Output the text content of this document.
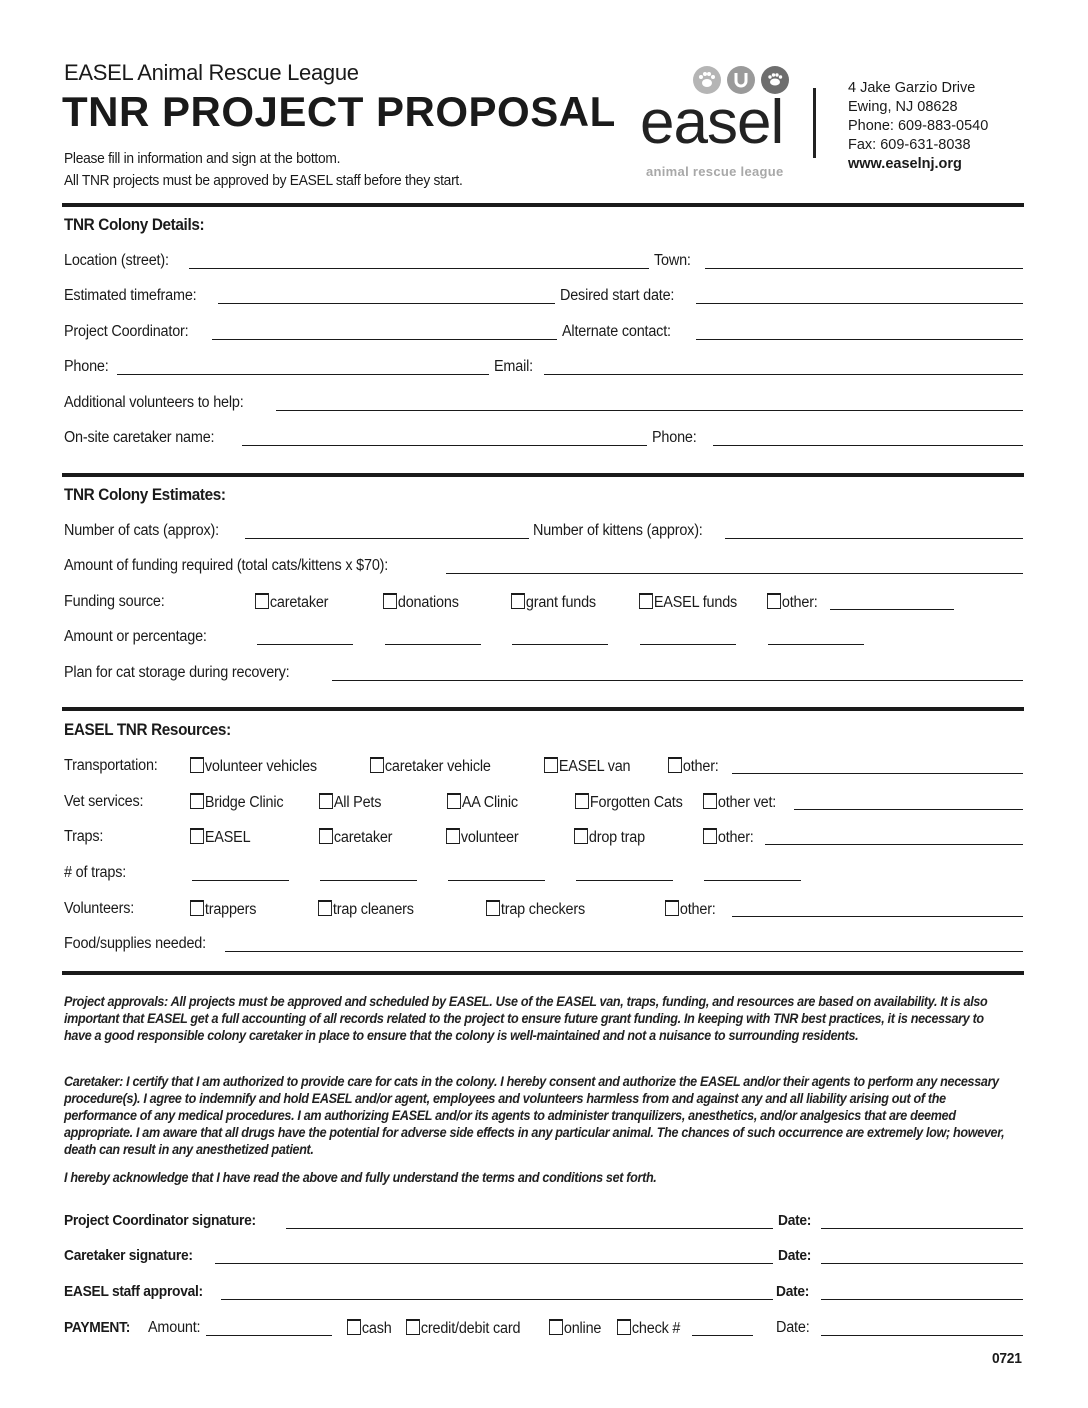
EASEL Animal Rescue League
TNR PROJECT PROPOSAL
Please fill in information and sign at the bottom.
All TNR projects must be approved by EASEL staff before they start.
easel
animal rescue league
4 Jake Garzio Drive
Ewing, NJ 08628
Phone: 609-883-0540
Fax: 609-631-8038
www.easelnj.org
TNR Colony Details:
Location (street):	Town:
Estimated timeframe:	Desired start date:
Project Coordinator:	Alternate contact:
Phone:	Email:
Additional volunteers to help:
On-site caretaker name:	Phone:
TNR Colony Estimates:
Number of cats (approx):	Number of kittens (approx):
Amount of funding required (total cats/kittens x $70):
Funding source:	caretaker	donations	grant funds	EASEL funds	other:
Amount or percentage:
Plan for cat storage during recovery:
EASEL TNR Resources:
Transportation:	volunteer vehicles	caretaker vehicle	EASEL van	other:
Vet services:	Bridge Clinic	All Pets	AA Clinic	Forgotten Cats	other vet:
Traps:	EASEL	caretaker	volunteer	drop trap	other:
# of traps:
Volunteers:	trappers	trap cleaners	trap checkers	other:
Food/supplies needed:
Project approvals: All projects must be approved and scheduled by EASEL. Use of the EASEL van, traps, funding, and resources are based on availability. It is also important that EASEL get a full accounting of all records related to the project to ensure future grant funding. In keeping with TNR best practices, it is necessary to have a good responsible colony caretaker in place to ensure that the colony is well-maintained and not a nuisance to surrounding residents.
Caretaker: I certify that I am authorized to provide care for cats in the colony. I hereby consent and authorize the EASEL and/or their agents to perform any necessary procedure(s). I agree to indemnify and hold EASEL and/or agent, employees and volunteers harmless from and against any and all liability arising out of the performance of any medical procedures. I am authorizing EASEL and/or its agents to administer tranquilizers, anesthetics, and/or analgesics that are deemed appropriate. I am aware that all drugs have the potential for adverse side effects in any particular animal. The chances of such occurrence are extremely low; however, death can result in any anesthetized patient.
I hereby acknowledge that I have read the above and fully understand the terms and conditions set forth.
Project Coordinator signature:	Date:
Caretaker signature:	Date:
EASEL staff approval:	Date:
PAYMENT: Amount:	cash	credit/debit card	online	check #	Date:
0721
